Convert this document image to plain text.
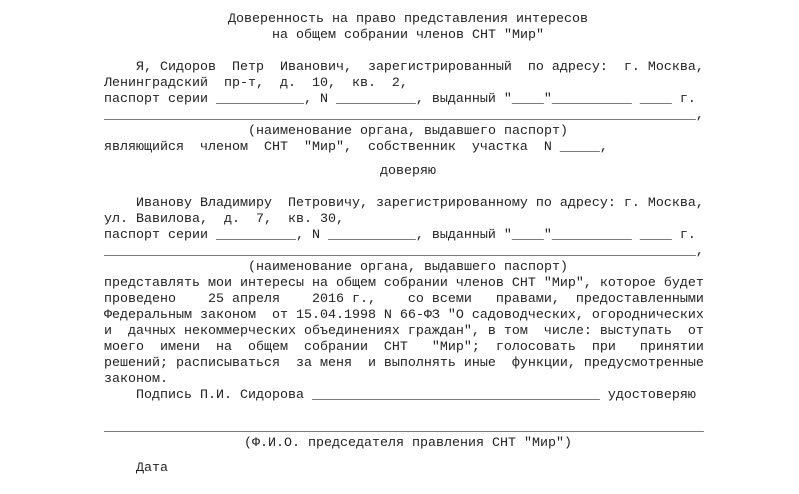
Доверенность на право представления интересов
на общем собрании членов СНТ "Мир"
Я, Сидоров  Петр  Иванович,  зарегистрированный  по адресу:  г. Москва,
Ленинградский  пр-т,  д.  10,  кв.  2,
паспорт серии ___________, N __________, выданный "____"__________ ____ г.
__________________________________________________________________________,
(наименование органа, выдавшего паспорт)
являющийся  членом  СНТ  "Мир",  собственник  участка  N _____,
доверяю
Иванову Владимиру  Петровичу, зарегистрированному по адресу: г. Москва,
ул. Вавилова,  д.  7,  кв. 30,
паспорт серии __________, N ___________, выданный "____"__________ ____ г.
__________________________________________________________________________,
(наименование органа, выдавшего паспорт)
представлять мои интересы на общем собрании членов СНТ "Мир", которое будет
проведено    25 апреля    2016 г.,    со всеми   правами,  предоставленными
Федеральным законом  от 15.04.1998 N 66-ФЗ "О садоводческих, огороднических
и  дачных некоммерческих объединениях граждан", в том  числе: выступать  от
моего  имени  на  общем  собрании  СНТ   "Мир";  голосовать  при   принятии
решений; расписываться  за меня  и выполнять иные  функции, предусмотренные
законом.
Подпись П.И. Сидорова ____________________________________ удостоверяю
___________________________________________________________________________
(Ф.И.О. председателя правления СНТ "Мир")
Дата
